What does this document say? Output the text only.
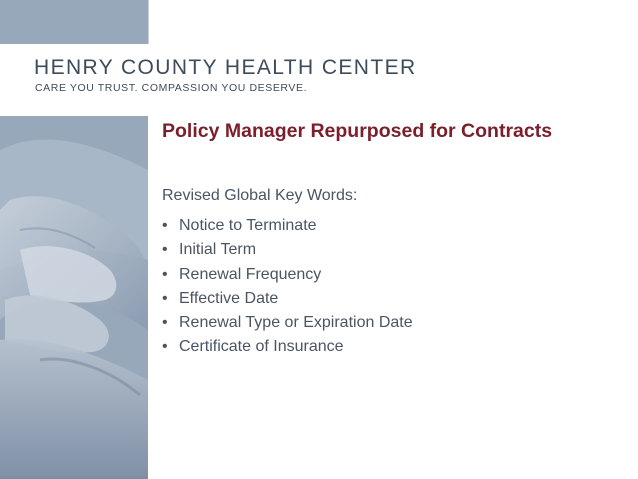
HENRY COUNTY HEALTH CENTER

CARE YOU TRUST. COMPASSION YOU DESERVE.

Policy Manager Repurposed for Contracts

Revised Global Key Words:

• Notice to Terminate
• Initial Term
• Renewal Frequency
• Effective Date
• Renewal Type or Expiration Date
• Certificate of Insurance
